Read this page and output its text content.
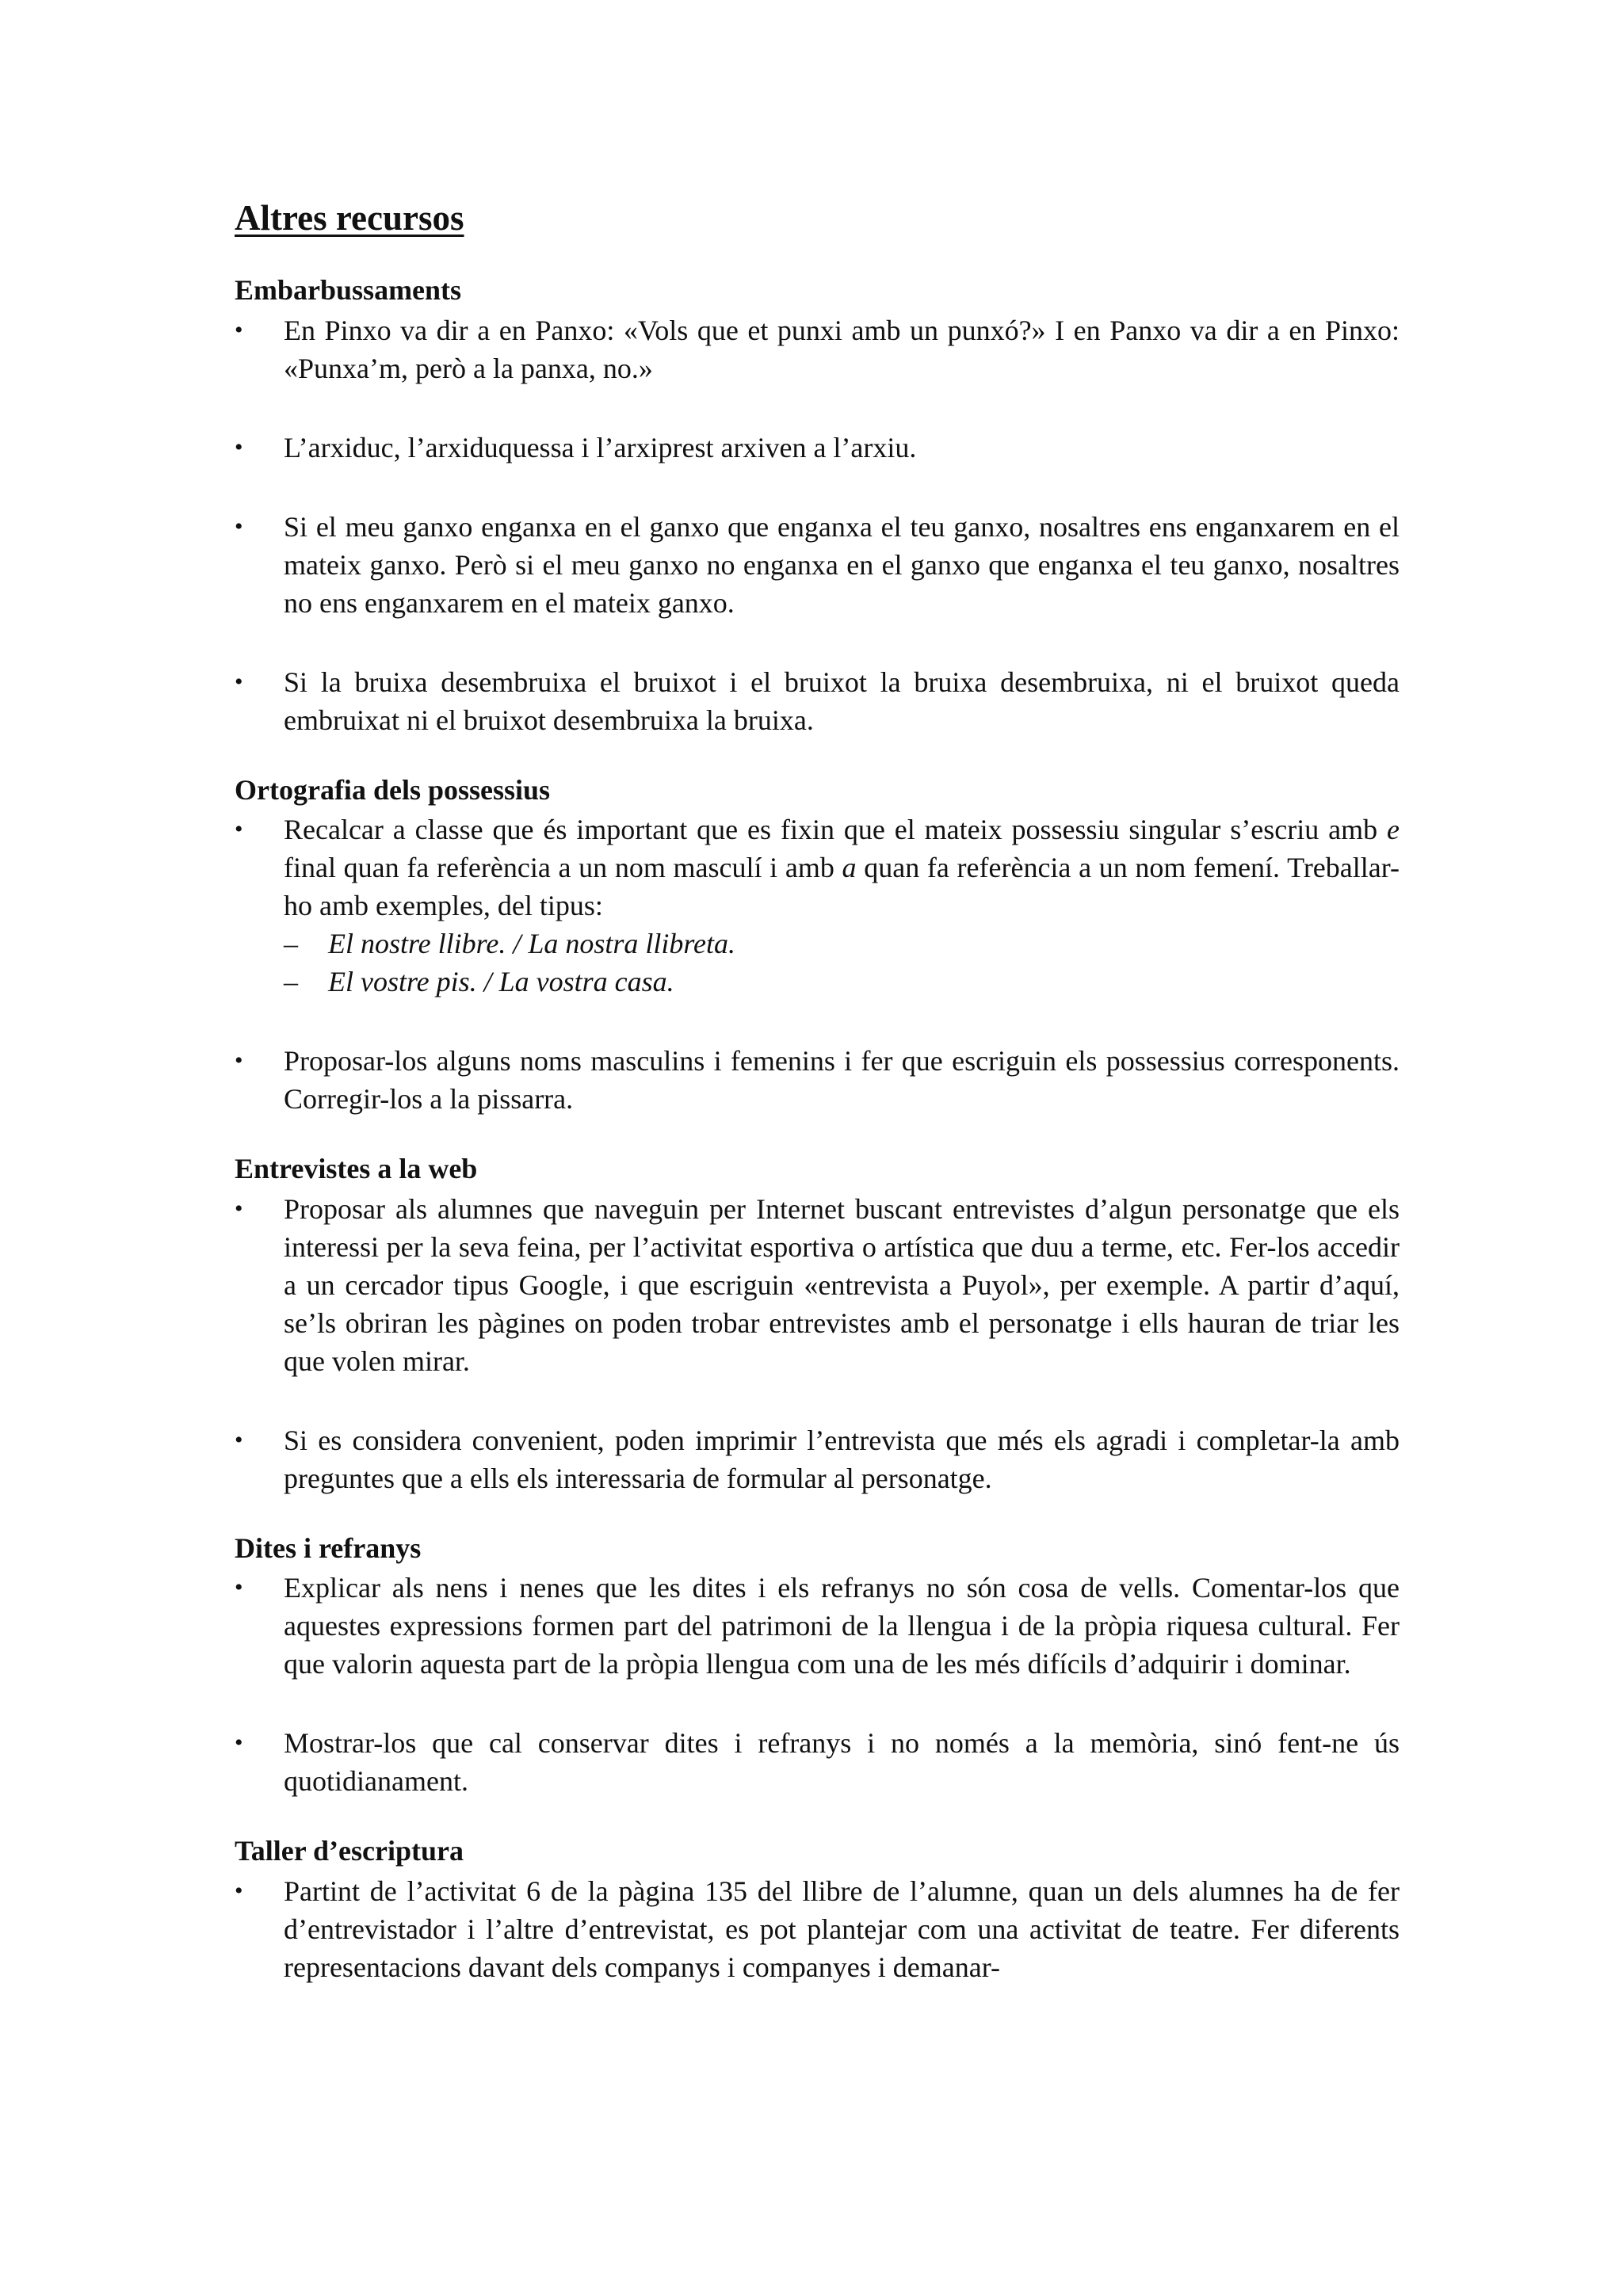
Altres recursos
Embarbussaments
•	En Pinxo va dir a en Panxo: «Vols que et punxi amb un punxó?» I en Panxo va dir a en Pinxo: «Punxa’m, però a la panxa, no.»
•	L’arxiduc, l’arxiduquessa i l’arxiprest arxiven a l’arxiu.
•	Si el meu ganxo enganxa en el ganxo que enganxa el teu ganxo, nosaltres ens enganxarem en el mateix ganxo. Però si el meu ganxo no enganxa en el ganxo que enganxa el teu ganxo, nosaltres no ens enganxarem en el mateix ganxo.
•	Si la bruixa desembruixa el bruixot i el bruixot la bruixa desembruixa, ni el bruixot queda embruixat ni el bruixot desembruixa la bruixa.
Ortografia dels possessius
•	Recalcar a classe que és important que es fixin que el mateix possessiu singular s’escriu amb e final quan fa referència a un nom masculí i amb a quan fa referència a un nom femení. Treballar-ho amb exemples, del tipus:
– El nostre llibre. / La nostra llibreta.
– El vostre pis. / La vostra casa.
•	Proposar-los alguns noms masculins i femenins i fer que escriguin els possessius corresponents. Corregir-los a la pissarra.
Entrevistes a la web
•	Proposar als alumnes que naveguin per Internet buscant entrevistes d’algun personatge que els interessi per la seva feina, per l’activitat esportiva o artística que duu a terme, etc. Fer-los accedir a un cercador tipus Google, i que escriguin «entrevista a Puyol», per exemple. A partir d’aquí, se’ls obriran les pàgines on poden trobar entrevistes amb el personatge i ells hauran de triar les que volen mirar.
•	Si es considera convenient, poden imprimir l’entrevista que més els agradi i completar-la amb preguntes que a ells els interessaria de formular al personatge.
Dites i refranys
•	Explicar als nens i nenes que les dites i els refranys no són cosa de vells. Comentar-los que aquestes expressions formen part del patrimoni de la llengua i de la pròpia riquesa cultural. Fer que valorin aquesta part de la pròpia llengua com una de les més difícils d’adquirir i dominar.
•	Mostrar-los que cal conservar dites i refranys i no només a la memòria, sinó fent-ne ús quotidianament.
Taller d’escriptura
•	Partint de l’activitat 6 de la pàgina 135 del llibre de l’alumne, quan un dels alumnes ha de fer d’entrevistador i l’altre d’entrevistat, es pot plantejar com una activitat de teatre. Fer diferents representacions davant dels companys i companyes i demanar-
